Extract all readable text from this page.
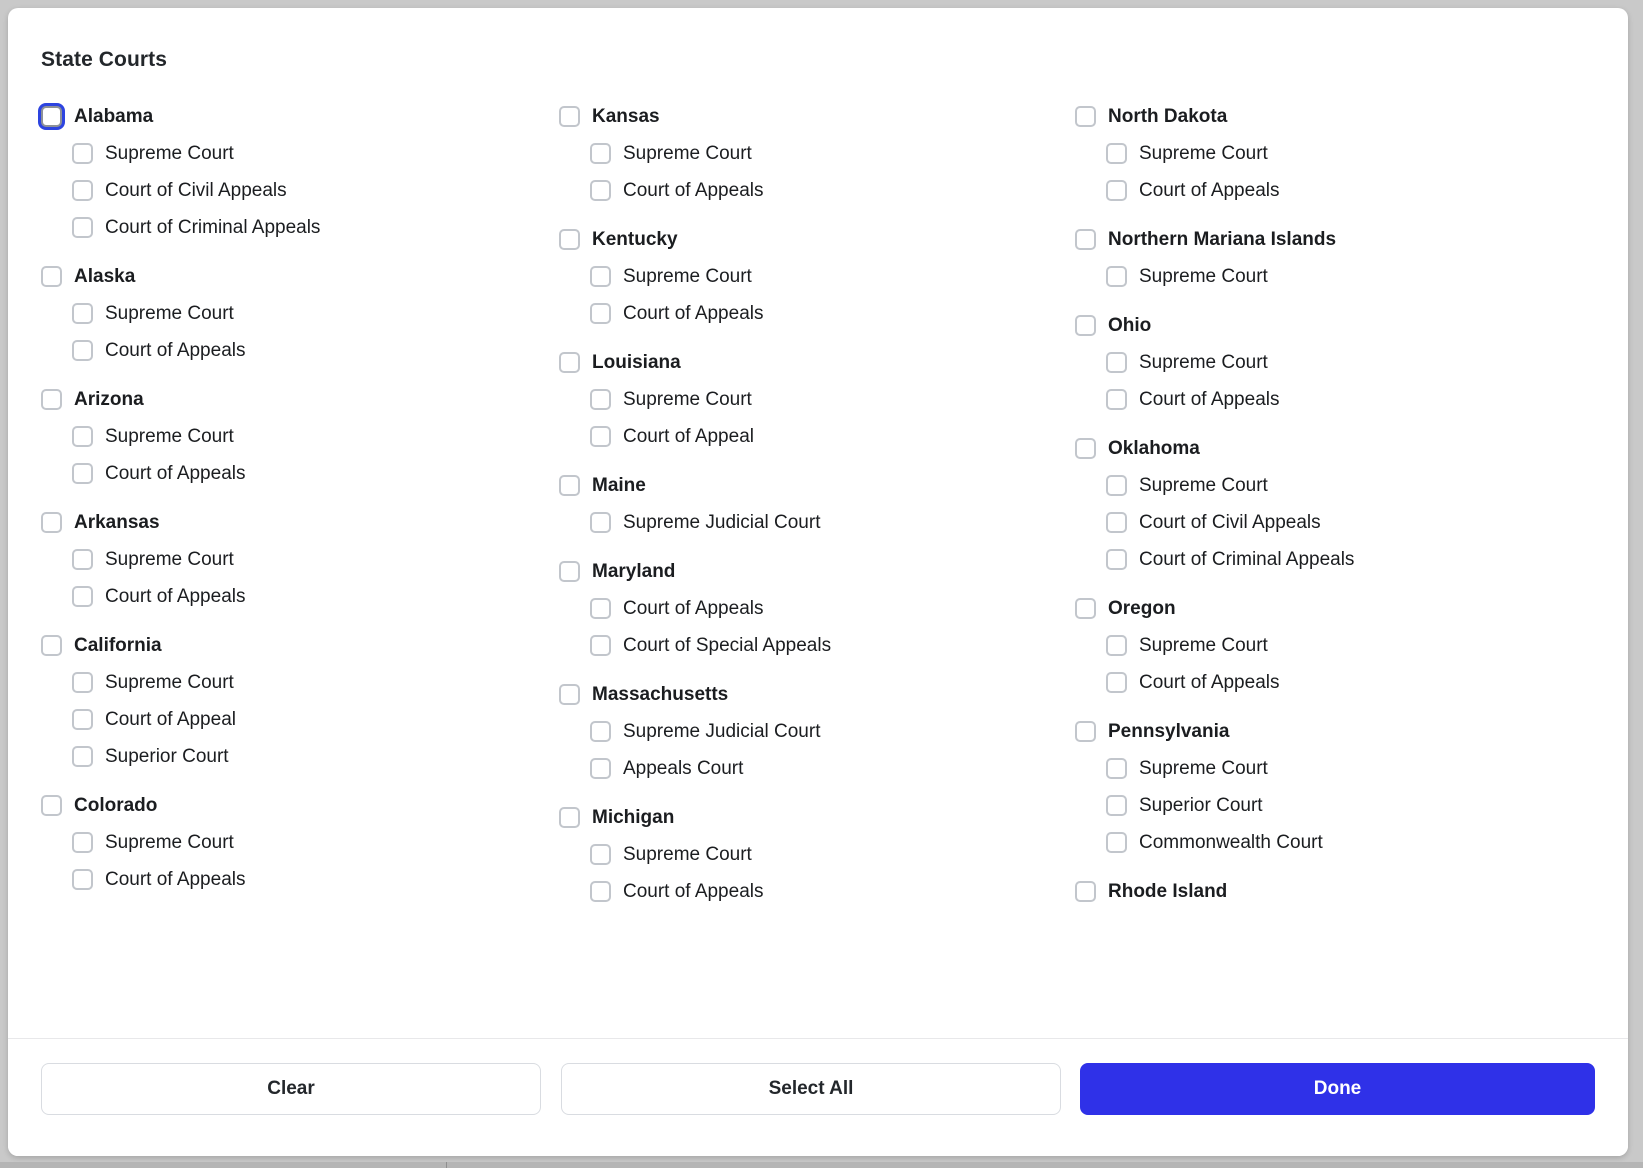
State Courts
Alabama
Supreme Court
Court of Civil Appeals
Court of Criminal Appeals
Alaska
Supreme Court
Court of Appeals
Arizona
Supreme Court
Court of Appeals
Arkansas
Supreme Court
Court of Appeals
California
Supreme Court
Court of Appeal
Superior Court
Colorado
Supreme Court
Court of Appeals
Kansas
Supreme Court
Court of Appeals
Kentucky
Supreme Court
Court of Appeals
Louisiana
Supreme Court
Court of Appeal
Maine
Supreme Judicial Court
Maryland
Court of Appeals
Court of Special Appeals
Massachusetts
Supreme Judicial Court
Appeals Court
Michigan
Supreme Court
Court of Appeals
North Dakota
Supreme Court
Court of Appeals
Northern Mariana Islands
Supreme Court
Ohio
Supreme Court
Court of Appeals
Oklahoma
Supreme Court
Court of Civil Appeals
Court of Criminal Appeals
Oregon
Supreme Court
Court of Appeals
Pennsylvania
Supreme Court
Superior Court
Commonwealth Court
Rhode Island
Clear	Select All	Done
